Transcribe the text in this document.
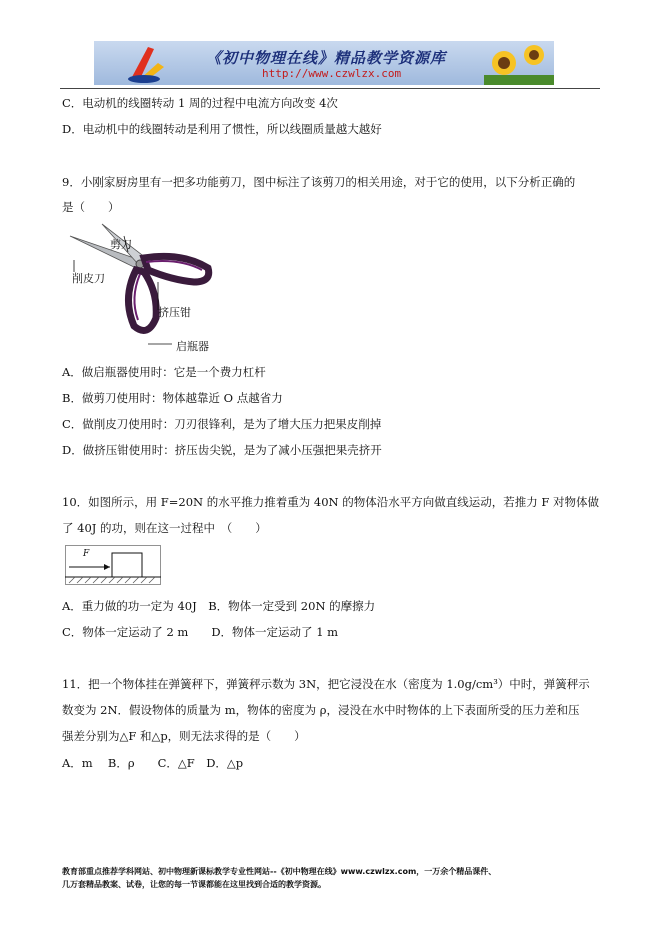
《初中物理在线》精品教学资源库
http://www.czwlzx.com
C．电动机的线圈转动 1 周的过程中电流方向改变 4次
D．电动机中的线圈转动是利用了惯性，所以线圈质量越大越好
9．小刚家厨房里有一把多功能剪刀，图中标注了该剪刀的相关用途，对于它的使用，以下分析正确的
是（　　）
剪刀
削皮刀
挤压钳
启瓶器
A．做启瓶器使用时：它是一个费力杠杆
B．做剪刀使用时：物体越靠近 O 点越省力
C．做削皮刀使用时：刀刃很锋利，是为了增大压力把果皮削掉
D．做挤压钳使用时：挤压齿尖锐，是为了减小压强把果壳挤开
10．如图所示，用 F=20N 的水平推力推着重为 40N 的物体沿水平方向做直线运动，若推力 F 对物体做
了 40J 的功，则在这一过程中　（　　）
F
A．重力做的功一定为 40J　B．物体一定受到 20N 的摩擦力
C．物体一定运动了 2 m　　D．物体一定运动了 1 m
11．把一个物体挂在弹簧秤下，弹簧秤示数为 3N，把它浸没在水（密度为 1.0g/cm³）中时，弹簧秤示
数变为 2N．假设物体的质量为 m，物体的密度为 ρ，浸没在水中时物体的上下表面所受的压力差和压
强差分别为△F 和△p，则无法求得的是（　　）
A．m　 B．ρ　　C．△F　D．△p
教育部重点推荐学科网站、初中物理新课标教学专业性网站--《初中物理在线》www.czwlzx.com，一万余个精品课件、
几万套精品教案、试卷，让您的每一节课都能在这里找到合适的教学资源。
